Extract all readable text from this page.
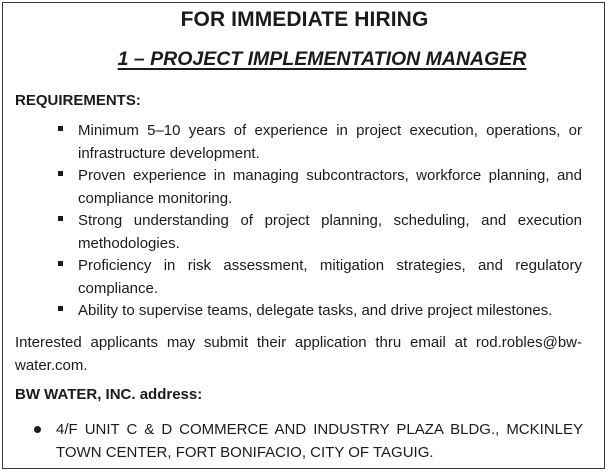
FOR IMMEDIATE HIRING
1 – PROJECT IMPLEMENTATION MANAGER
REQUIREMENTS:
Minimum 5–10 years of experience in project execution, operations, or infrastructure development.
Proven experience in managing subcontractors, workforce planning, and compliance monitoring.
Strong understanding of project planning, scheduling, and execution methodologies.
Proficiency in risk assessment, mitigation strategies, and regulatory compliance.
Ability to supervise teams, delegate tasks, and drive project milestones.

Interested applicants may submit their application thru email at rod.robles@bw-water.com.

BW WATER, INC. address:
4/F UNIT C & D COMMERCE AND INDUSTRY PLAZA BLDG., MCKINLEY TOWN CENTER, FORT BONIFACIO, CITY OF TAGUIG.
